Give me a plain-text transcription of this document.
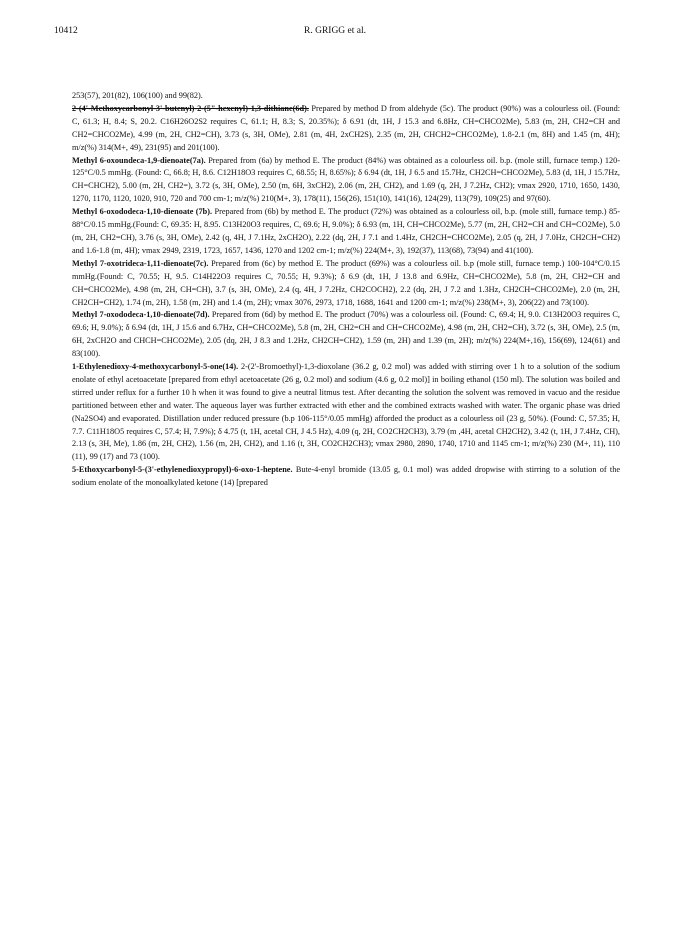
10412	R. GRIGG et al.

253(57), 201(82), 106(100) and 99(82).

2-(4'-Methoxycarbonyl-3'-butenyl)-2-(5"-hexenyl)-1,3-dithiane(6d). Prepared by method D from aldehyde (5c). The product (90%) was a colourless oil. (Found: C, 61.3; H, 8.4; S, 20.2. C16H26O2S2 requires C, 61.1; H, 8.3; S, 20.35%); δ 6.91 (dt, 1H, J 15.3 and 6.8Hz, CH=CHCO2Me), 5.83 (m, 2H, CH2=CH and CH2=CHCO2Me), 4.99 (m, 2H, CH2=CH), 3.73 (s, 3H, OMe), 2.81 (m, 4H, 2xCH2S), 2.35 (m, 2H, CHCH2=CHCO2Me), 1.8-2.1 (m, 8H) and 1.45 (m, 4H); m/z(%) 314(M+, 49), 231(95) and 201(100).

Methyl 6-oxoundeca-1,9-dienoate(7a). Prepared from (6a) by method E. The product (84%) was obtained as a colourless oil. b.p. (mole still, furnace temp.) 120-125°C/0.5 mmHg. (Found: C, 66.8; H, 8.6. C12H18O3 requires C, 68.55; H, 8.65%); δ 6.94 (dt, 1H, J 6.5 and 15.7Hz, CH2CH=CHCO2Me), 5.83 (d, 1H, J 15.7Hz, CH=CHCH2), 5.00 (m, 2H, CH2=), 3.72 (s, 3H, OMe), 2.50 (m, 6H, 3xCH2), 2.06 (m, 2H, CH2), and 1.69 (q, 2H, J 7.2Hz, CH2); vmax 2920, 1710, 1650, 1430, 1270, 1170, 1120, 1020, 910, 720 and 700 cm-1; m/z(%) 210(M+, 3), 178(11), 156(26), 151(10), 141(16), 124(29), 113(79), 109(25) and 97(60).

Methyl 6-oxododeca-1,10-dienoate (7b). Prepared from (6b) by method E. The product (72%) was obtained as a colourless oil, b.p. (mole still, furnace temp.) 85-88°C/0.15 mmHg.(Found: C, 69.35: H, 8.95. C13H20O3 requires, C, 69.6; H, 9.0%); δ 6.93 (m, 1H, CH=CHCO2Me), 5.77 (m, 2H, CH2=CH and CH=CO2Me), 5.0 (m, 2H, CH2=CH), 3.76 (s, 3H, OMe), 2.42 (q, 4H, J 7.1Hz, 2xCH2O), 2.22 (dq, 2H, J 7.1 and 1.4Hz, CH2CH=CHCO2Me), 2.05 (q, 2H, J 7.0Hz, CH2CH=CH2) and 1.6-1.8 (m, 4H); vmax 2949, 2319, 1723, 1657, 1436, 1270 and 1202 cm-1; m/z(%) 224(M+, 3), 192(37), 113(68), 73(94) and 41(100).

Methyl 7-oxotrideca-1,11-dienoate(7c). Prepared from (6c) by method E. The product (69%) was a colourless oil. b.p (mole still, furnace temp.) 100-104°C/0.15 mmHg.(Found: C, 70.55; H, 9.5. C14H22O3 requires C, 70.55; H, 9.3%); δ 6.9 (dt, 1H, J 13.8 and 6.9Hz, CH=CHCO2Me), 5.8 (m, 2H, CH2=CH and CH=CHCO2Me), 4.98 (m, 2H, CH=CH), 3.7 (s, 3H, OMe), 2.4 (q, 4H, J 7.2Hz, CH2COCH2), 2.2 (dq, 2H, J 7.2 and 1.3Hz, CH2CH=CHCO2Me), 2.0 (m, 2H, CH2CH=CH2), 1.74 (m, 2H), 1.58 (m, 2H) and 1.4 (m, 2H); vmax 3076, 2973, 1718, 1688, 1641 and 1200 cm-1; m/z(%) 238(M+, 3), 206(22) and 73(100).

Methyl 7-oxododeca-1,10-dienoate(7d). Prepared from (6d) by method E. The product (70%) was a colourless oil. (Found: C, 69.4; H, 9.0. C13H20O3 requires C, 69.6; H, 9.0%); δ 6.94 (dt, 1H, J 15.6 and 6.7Hz, CH=CHCO2Me), 5.8 (m, 2H, CH2=CH and CH=CHCO2Me), 4.98 (m, 2H, CH2=CH), 3.72 (s, 3H, OMe), 2.5 (m, 6H, 2xCH2O and CHCH=CHCO2Me), 2.05 (dq, 2H, J 8.3 and 1.2Hz, CH2CH=CH2), 1.59 (m, 2H) and 1.39 (m, 2H); m/z(%) 224(M+,16), 156(69), 124(61) and 83(100).

1-Ethylenedioxy-4-methoxycarbonyl-5-one(14). 2-(2'-Bromoethyl)-1,3-dioxolane (36.2 g, 0.2 mol) was added with stirring over 1 h to a solution of the sodium enolate of ethyl acetoacetate [prepared from ethyl acetoacetate (26 g, 0.2 mol) and sodium (4.6 g, 0.2 mol)] in boiling ethanol (150 ml). The solution was boiled and stirred under reflux for a further 10 h when it was found to give a neutral litmus test. After decanting the solution the solvent was removed in vacuo and the residue partitioned between ether and water. The aqueous layer was further extracted with ether and the combined extracts washed with water. The organic phase was dried (Na2SO4) and evaporated. Distillation under reduced pressure (b.p 106-115°/0.05 mmHg) afforded the product as a colourless oil (23 g, 50%). (Found: C, 57.35; H, 7.7. C11H18O5 requires C, 57.4; H, 7.9%); δ 4.75 (t, 1H, acetal CH, J 4.5 Hz), 4.09 (q, 2H, CO2CH2CH3), 3.79 (m ,4H, acetal CH2CH2), 3.42 (t, 1H, J 7.4Hz, CH), 2.13 (s, 3H, Me), 1.86 (m, 2H, CH2), 1.56 (m, 2H, CH2), and 1.16 (t, 3H, CO2CH2CH3); vmax 2980, 2890, 1740, 1710 and 1145 cm-1; m/z(%) 230 (M+, 11), 110 (11), 99 (17) and 73 (100).

5-Ethoxycarbonyl-5-(3'-ethylenedioxypropyl)-6-oxo-1-heptene. Bute-4-enyl bromide (13.05 g, 0.1 mol) was added dropwise with stirring to a solution of the sodium enolate of the monoalkylated ketone (14) [prepared
